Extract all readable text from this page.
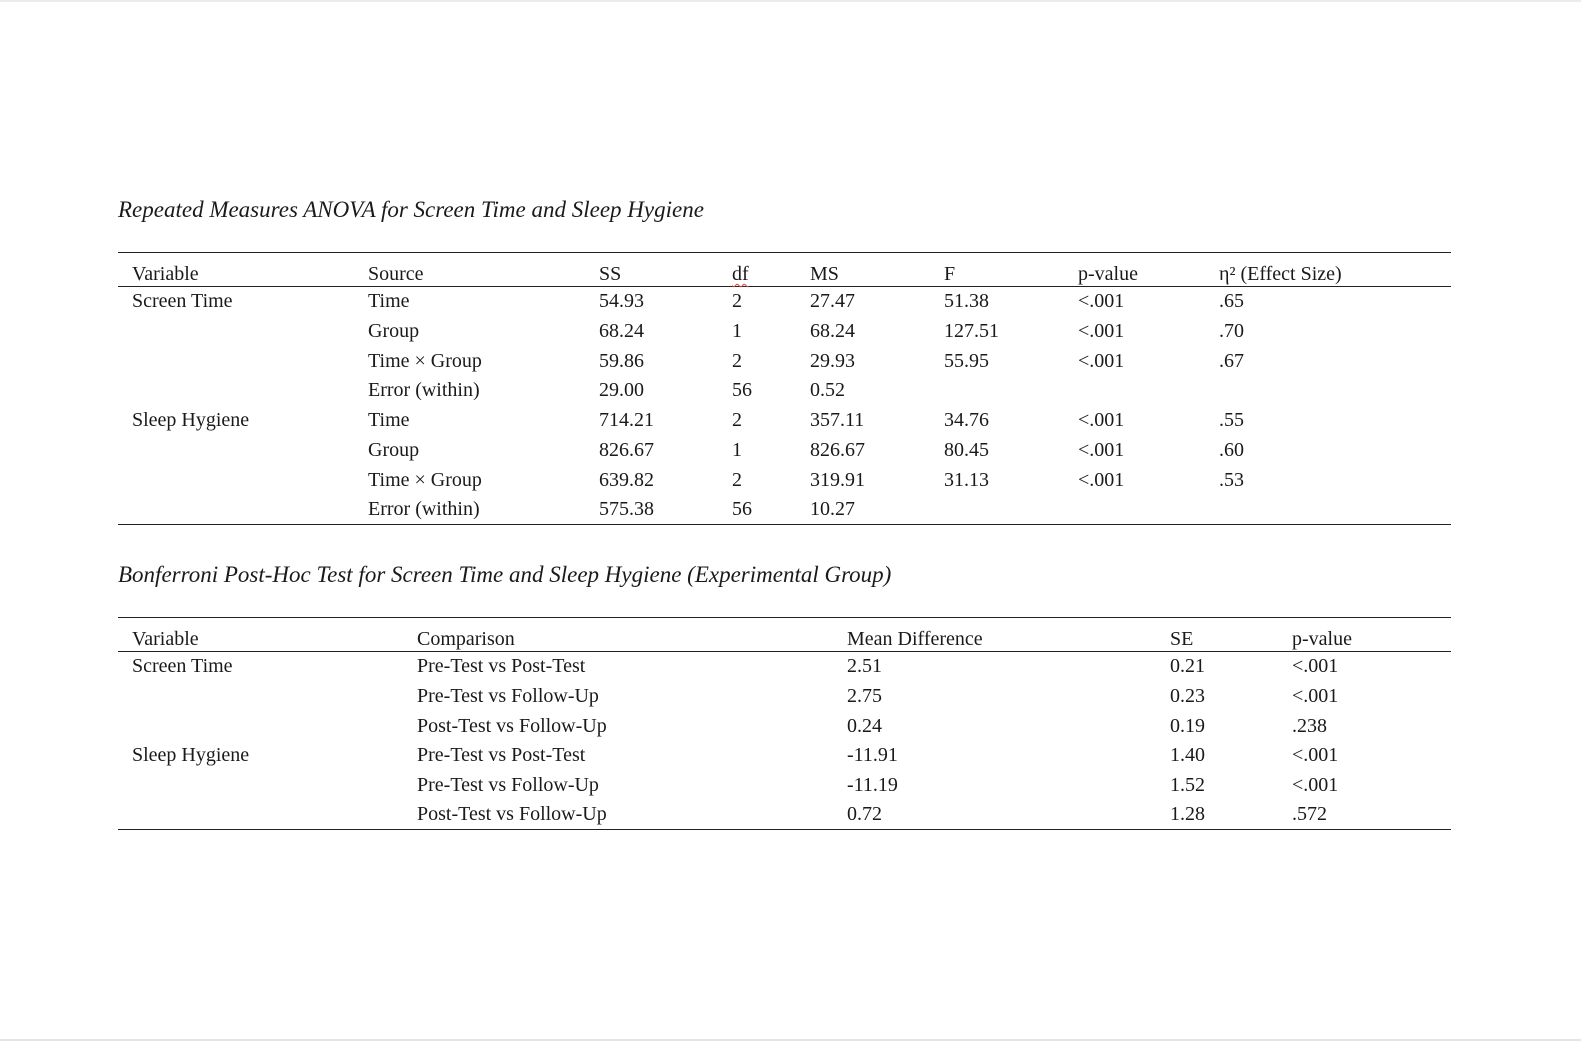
Repeated Measures ANOVA for Screen Time and Sleep Hygiene

Variable	Source	SS	df	MS	F	p-value	η² (Effect Size)
Screen Time	Time	54.93	2	27.47	51.38	<.001	.65
	Group	68.24	1	68.24	127.51	<.001	.70
	Time × Group	59.86	2	29.93	55.95	<.001	.67
	Error (within)	29.00	56	0.52			
Sleep Hygiene	Time	714.21	2	357.11	34.76	<.001	.55
	Group	826.67	1	826.67	80.45	<.001	.60
	Time × Group	639.82	2	319.91	31.13	<.001	.53
	Error (within)	575.38	56	10.27			

Bonferroni Post-Hoc Test for Screen Time and Sleep Hygiene (Experimental Group)

Variable	Comparison	Mean Difference	SE	p-value
Screen Time	Pre-Test vs Post-Test	2.51	0.21	<.001
	Pre-Test vs Follow-Up	2.75	0.23	<.001
	Post-Test vs Follow-Up	0.24	0.19	.238
Sleep Hygiene	Pre-Test vs Post-Test	-11.91	1.40	<.001
	Pre-Test vs Follow-Up	-11.19	1.52	<.001
	Post-Test vs Follow-Up	0.72	1.28	.572
